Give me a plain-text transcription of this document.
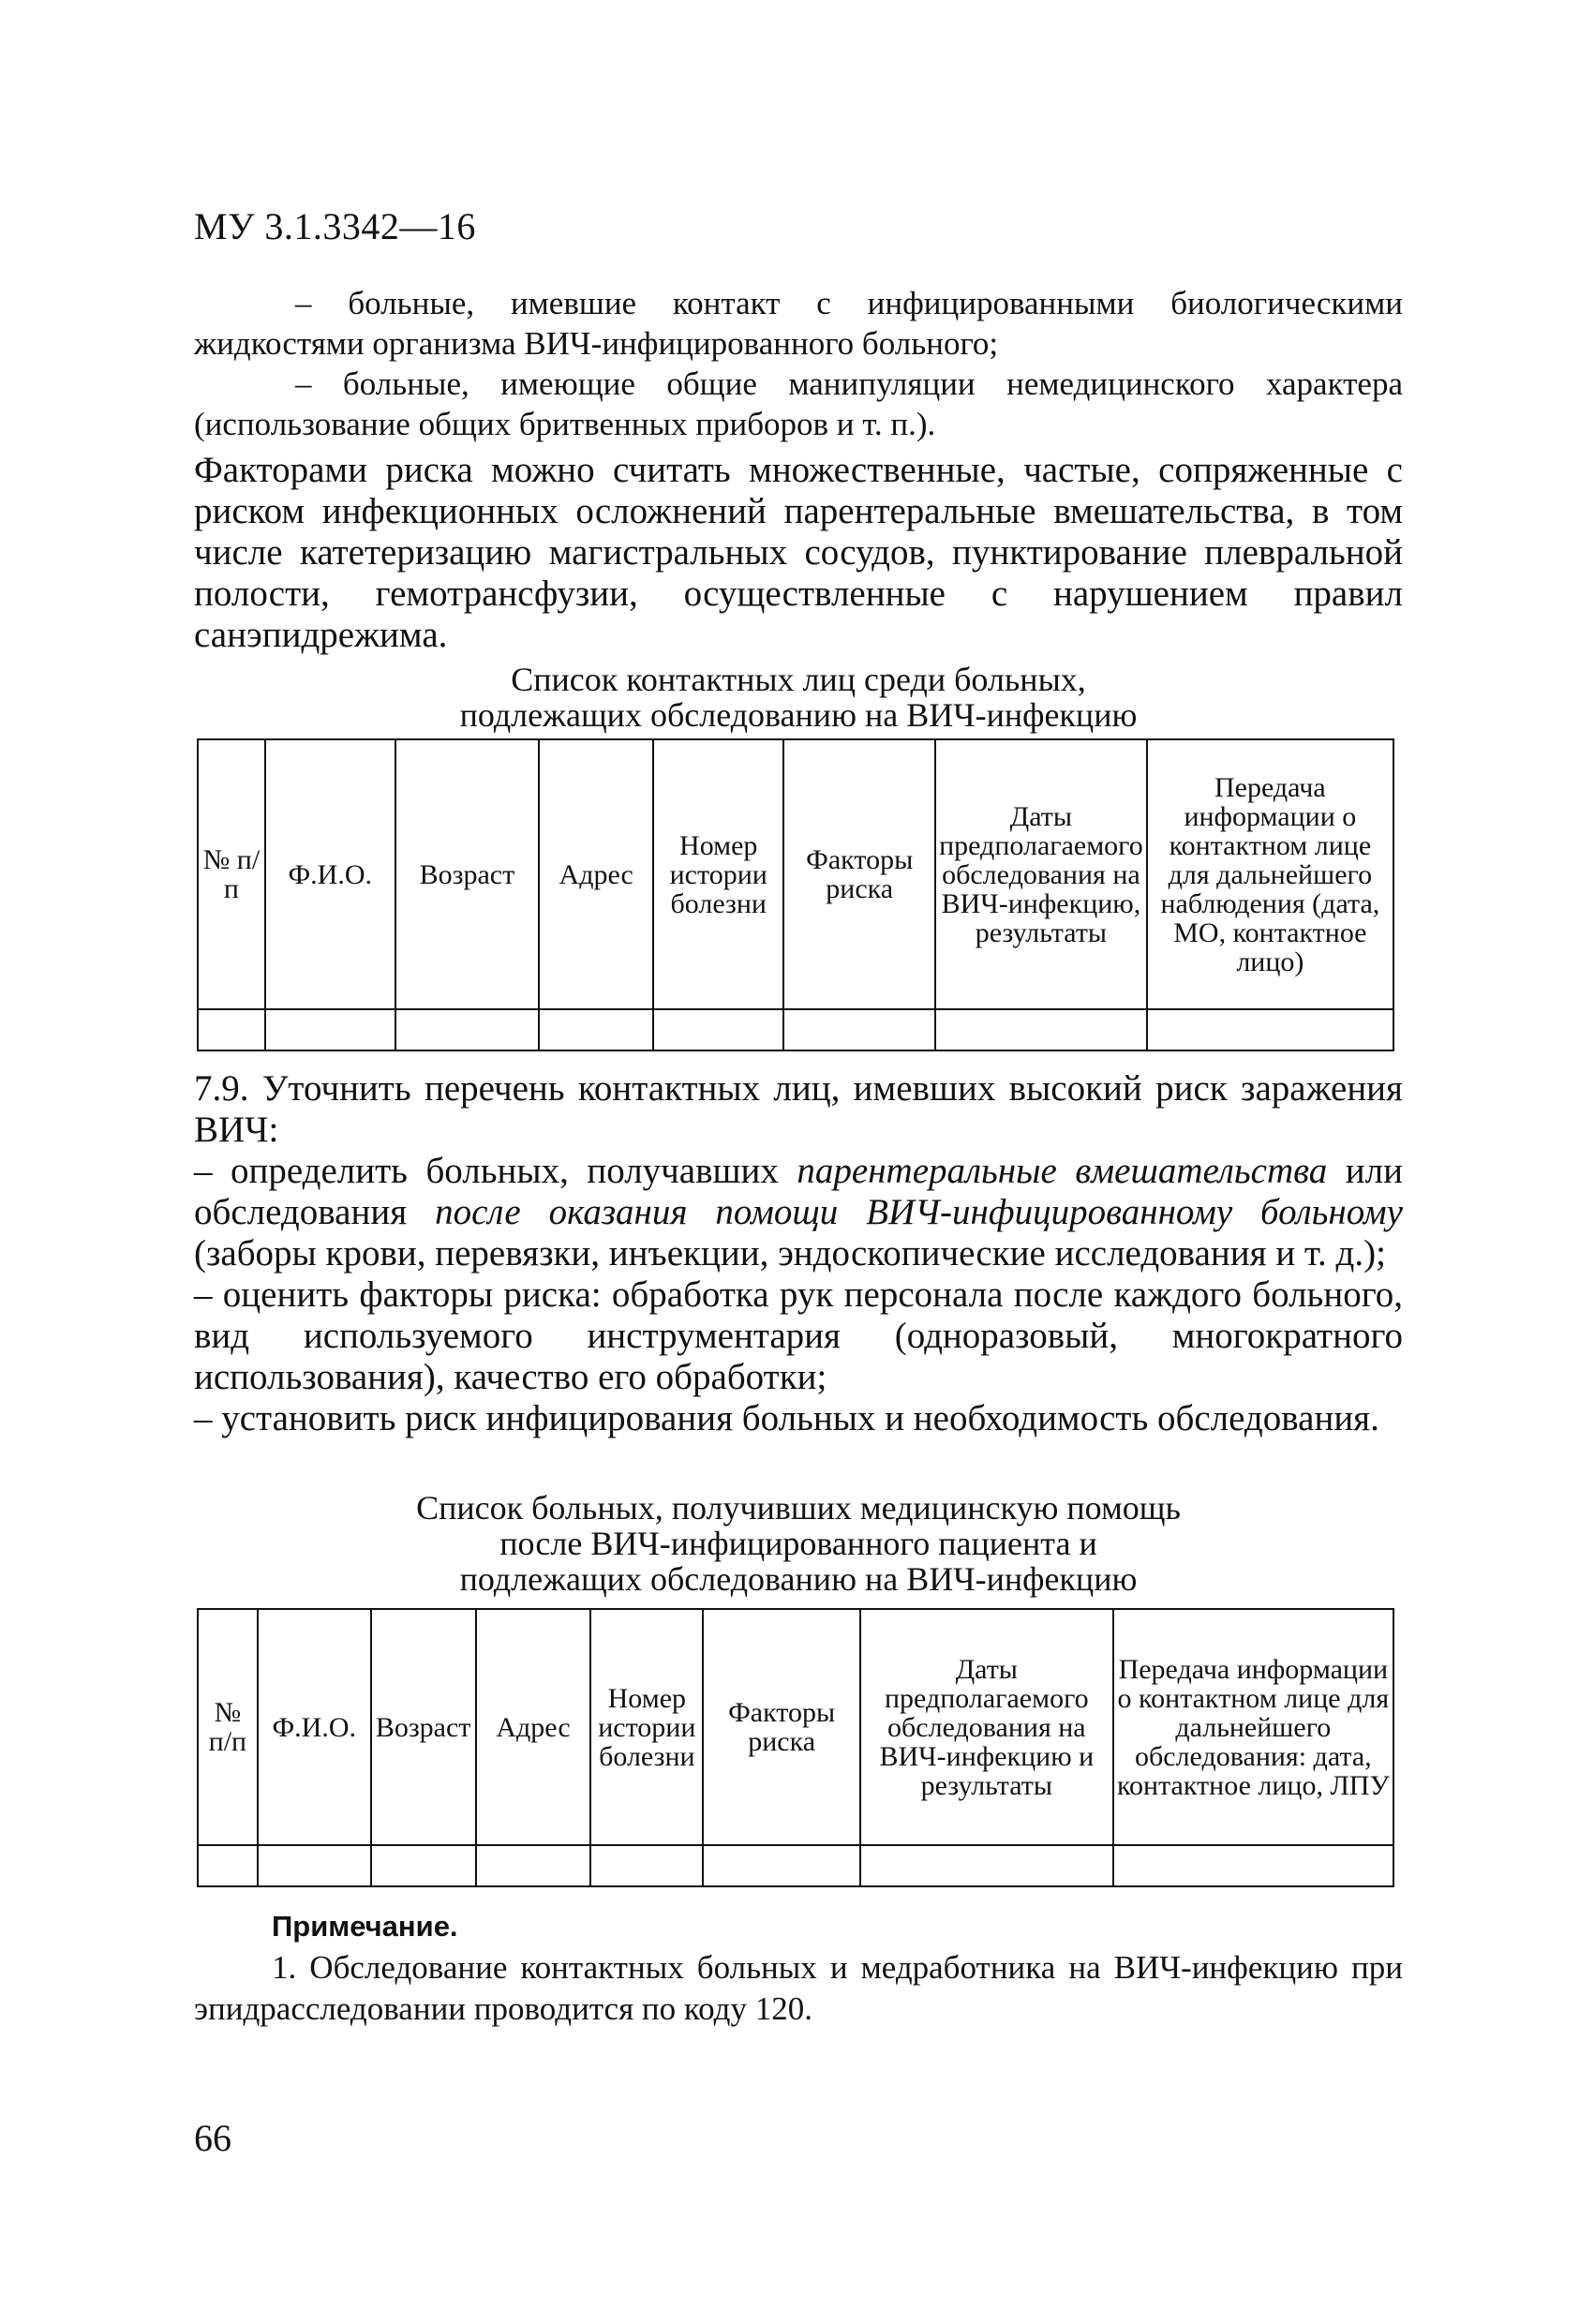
МУ 3.1.3342—16

– больные, имевшие контакт с инфицированными биологическими жидкостями организма ВИЧ-инфицированного больного;

– больные, имеющие общие манипуляции немедицинского характера (использование общих бритвенных приборов и т. п.).

Факторами риска можно считать множественные, частые, сопряженные с риском инфекционных осложнений парентеральные вмешательства, в том числе катетеризацию магистральных сосудов, пунктирование плевральной полости, гемотрансфузии, осуществленные с нарушением правил санэпидрежима.

Список контактных лиц среди больных,
подлежащих обследованию на ВИЧ-инфекцию
№ п/п	Ф.И.О.	Возраст	Адрес	Номер истории болезни	Факторы риска	Даты предполагаемого обследования на ВИЧ-инфекцию, результаты	Передача информации о контактном лице для дальнейшего наблюдения (дата, МО, контактное лицо)

7.9. Уточнить перечень контактных лиц, имевших высокий риск заражения ВИЧ:

– определить больных, получавших парентеральные вмешательства или обследования после оказания помощи ВИЧ-инфицированному больному (заборы крови, перевязки, инъекции, эндоскопические исследования и т. д.);

– оценить факторы риска: обработка рук персонала после каждого больного, вид используемого инструментария (одноразовый, многократного использования), качество его обработки;

– установить риск инфицирования больных и необходимость обследования.

Список больных, получивших медицинскую помощь
после ВИЧ-инфицированного пациента и
подлежащих обследованию на ВИЧ-инфекцию
№ п/п	Ф.И.О.	Возраст	Адрес	Номер истории болезни	Факторы риска	Даты предполагаемого обследования на ВИЧ-инфекцию и результаты	Передача информации о контактном лице для дальнейшего обследования: дата, контактное лицо, ЛПУ

Примечание.
1. Обследование контактных больных и медработника на ВИЧ-инфекцию при эпидрасследовании проводится по коду 120.
66
